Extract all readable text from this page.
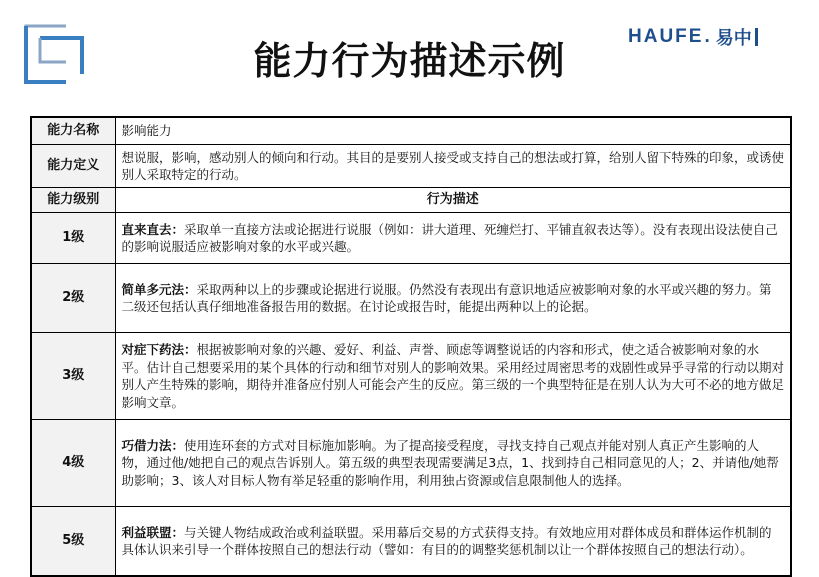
能力行为描述示例
HAUFE . 易中
能力名称	影响能力
能力定义	想说服，影响，感动别人的倾向和行动。其目的是要别人接受或支持自己的想法或打算，给别人留下特殊的印象，或诱使别人采取特定的行动。
能力级别	行为描述
1级	直来直去：采取单一直接方法或论据进行说服（例如：讲大道理、死缠烂打、平铺直叙表达等）。没有表现出设法使自己的影响说服适应被影响对象的水平或兴趣。
2级	简单多元法：采取两种以上的步骤或论据进行说服。仍然没有表现出有意识地适应被影响对象的水平或兴趣的努力。第二级还包括认真仔细地准备报告用的数据。在讨论或报告时，能提出两种以上的论据。
3级	对症下药法：根据被影响对象的兴趣、爱好、利益、声誉、顾虑等调整说话的内容和形式，使之适合被影响对象的水平。估计自己想要采用的某个具体的行动和细节对别人的影响效果。采用经过周密思考的戏剧性或异乎寻常的行动以期对别人产生特殊的影响，期待并准备应付别人可能会产生的反应。第三级的一个典型特征是在别人认为大可不必的地方做足影响文章。
4级	巧借力法：使用连环套的方式对目标施加影响。为了提高接受程度，寻找支持自己观点并能对别人真正产生影响的人物，通过他/她把自己的观点告诉别人。第五级的典型表现需要满足3点，1、找到持自己相同意见的人；2、并请他/她帮助影响；3、该人对目标人物有举足轻重的影响作用，利用独占资源或信息限制他人的选择。
5级	利益联盟：与关键人物结成政治或利益联盟。采用幕后交易的方式获得支持。有效地应用对群体成员和群体运作机制的具体认识来引导一个群体按照自己的想法行动（譬如：有目的的调整奖惩机制以让一个群体按照自己的想法行动）。
